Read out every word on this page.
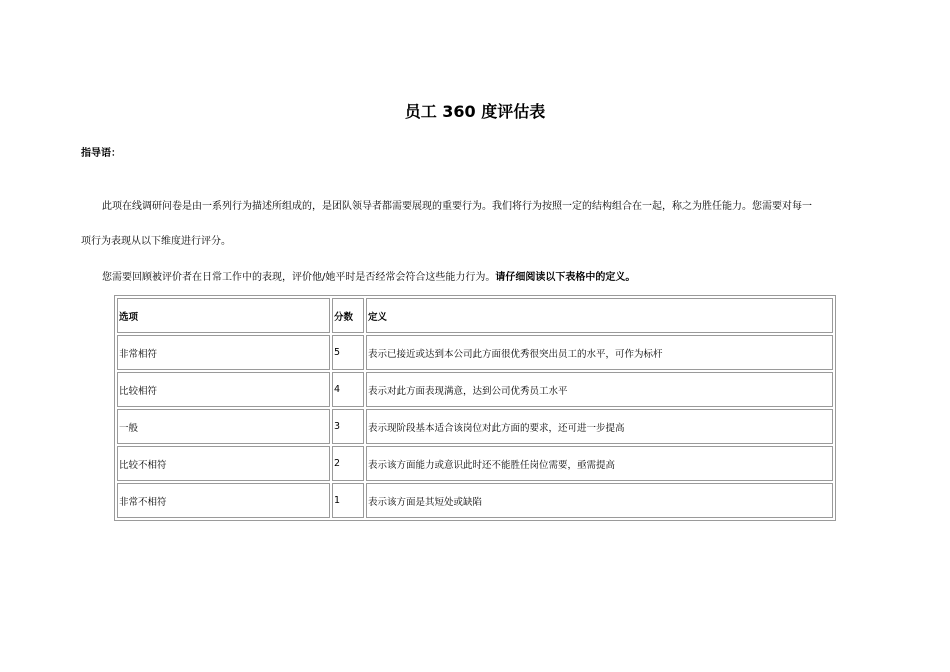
员工 360 度评估表

指导语：

此项在线调研问卷是由一系列行为描述所组成的，是团队领导者都需要展现的重要行为。我们将行为按照一定的结构组合在一起，称之为胜任能力。您需要对每一

项行为表现从以下维度进行评分。

您需要回顾被评价者在日常工作中的表现，评价他/她平时是否经常会符合这些能力行为。请仔细阅读以下表格中的定义。

选项	分数	定义
非常相符	5	表示已接近或达到本公司此方面很优秀很突出员工的水平，可作为标杆
比较相符	4	表示对此方面表现满意，达到公司优秀员工水平
一般	3	表示现阶段基本适合该岗位对此方面的要求，还可进一步提高
比较不相符	2	表示该方面能力或意识此时还不能胜任岗位需要，亟需提高
非常不相符	1	表示该方面是其短处或缺陷
